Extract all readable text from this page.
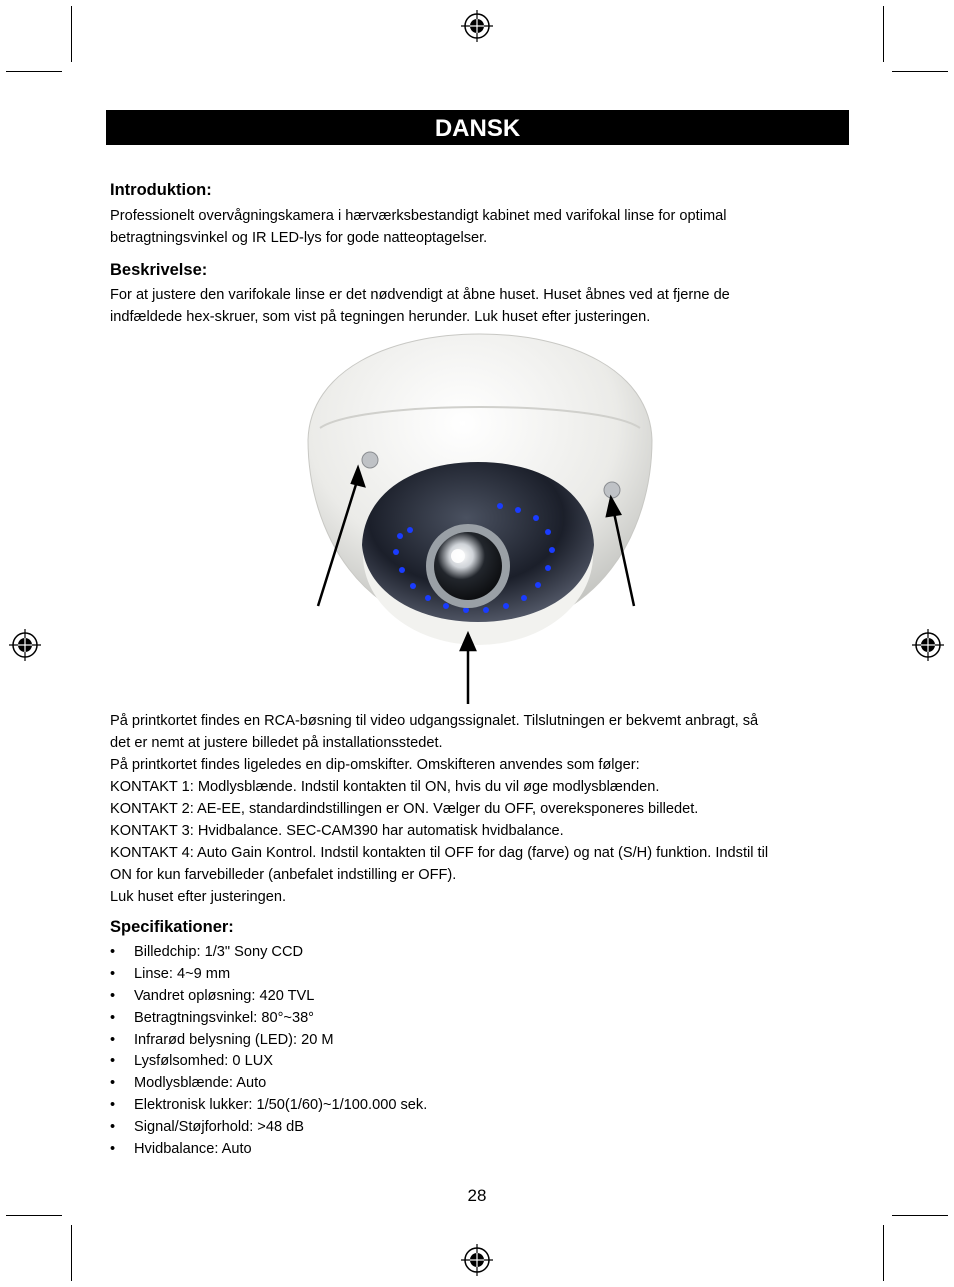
DANSK
Introduktion:
Professionelt overvågningskamera i hærværksbestandigt kabinet med varifokal linse for optimal
betragtningsvinkel og IR LED-lys for gode natteoptagelser.
Beskrivelse:
For at justere den varifokale linse er det nødvendigt at åbne huset. Huset åbnes ved at fjerne de
indfældede hex-skruer, som vist på tegningen herunder. Luk huset efter justeringen.
På printkortet findes en RCA-bøsning til video udgangssignalet. Tilslutningen er bekvemt anbragt, så
det er nemt at justere billedet på installationsstedet.
På printkortet findes ligeledes en dip-omskifter. Omskifteren anvendes som følger:
KONTAKT 1: Modlysblænde. Indstil kontakten til ON, hvis du vil øge modlysblænden.
KONTAKT 2: AE-EE, standardindstillingen er ON. Vælger du OFF, overeksponeres billedet.
KONTAKT 3: Hvidbalance. SEC-CAM390 har automatisk hvidbalance.
KONTAKT 4: Auto Gain Kontrol. Indstil kontakten til OFF for dag (farve) og nat (S/H) funktion. Indstil til
ON for kun farvebilleder (anbefalet indstilling er OFF).
Luk huset efter justeringen.
Specifikationer:
• Billedchip: 1/3" Sony CCD
• Linse: 4~9 mm
• Vandret opløsning: 420 TVL
• Betragtningsvinkel: 80°~38°
• Infrarød belysning (LED): 20 M
• Lysfølsomhed: 0 LUX
• Modlysblænde: Auto
• Elektronisk lukker: 1/50(1/60)~1/100.000 sek.
• Signal/Støjforhold: >48 dB
• Hvidbalance: Auto
28
